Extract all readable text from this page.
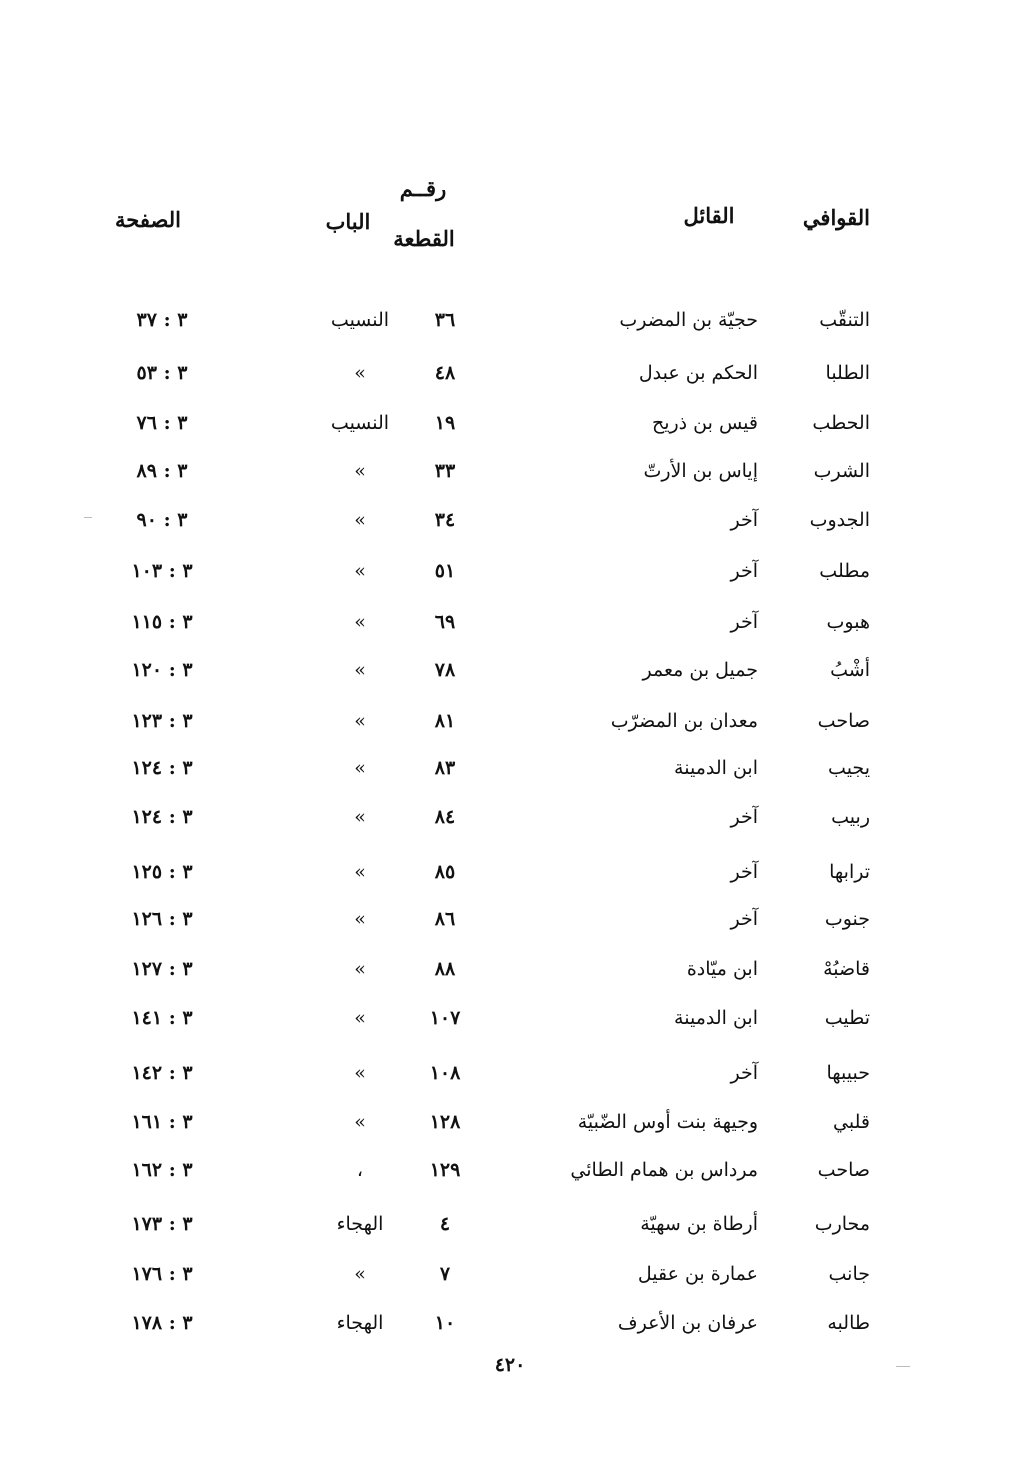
القوافي
القائل
رقــم
القطعة
الباب
الصفحة
التنقّب
حجيّة بن المضرب
٣٦
النسيب
٣ : ٣٧
الطلبا
الحكم بن عبدل
٤٨
»
٣ : ٥٣
الحطب
قيس بن ذريح
١٩
النسيب
٣ : ٧٦
الشرب
إياس بن الأرتّ
٣٣
»
٣ : ٨٩
الجدوب
آخر
٣٤
»
٣ : ٩٠
مطلب
آخر
٥١
»
٣ : ١٠٣
هبوب
آخر
٦٩
»
٣ : ١١٥
أشْبُ
جميل بن معمر
٧٨
»
٣ : ١٢٠
صاحب
معدان بن المضرّب
٨١
»
٣ : ١٢٣
يجيب
ابن الدمينة
٨٣
»
٣ : ١٢٤
ربيب
آخر
٨٤
»
٣ : ١٢٤
ترابها
آخر
٨٥
»
٣ : ١٢٥
جنوب
آخر
٨٦
»
٣ : ١٢٦
قاضبُهْ
ابن ميّادة
٨٨
»
٣ : ١٢٧
تطيب
ابن الدمينة
١٠٧
»
٣ : ١٤١
حبيبها
آخر
١٠٨
»
٣ : ١٤٢
قلبي
وجيهة بنت أوس الضّبيّة
١٢٨
»
٣ : ١٦١
صاحب
مرداس بن همام الطائي
١٢٩
،
٣ : ١٦٢
محارب
أرطاة بن سهيّة
٤
الهجاء
٣ : ١٧٣
جانب
عمارة بن عقيل
٧
»
٣ : ١٧٦
طالبه
عرفان بن الأعرف
١٠
الهجاء
٣ : ١٧٨
٤٢٠
